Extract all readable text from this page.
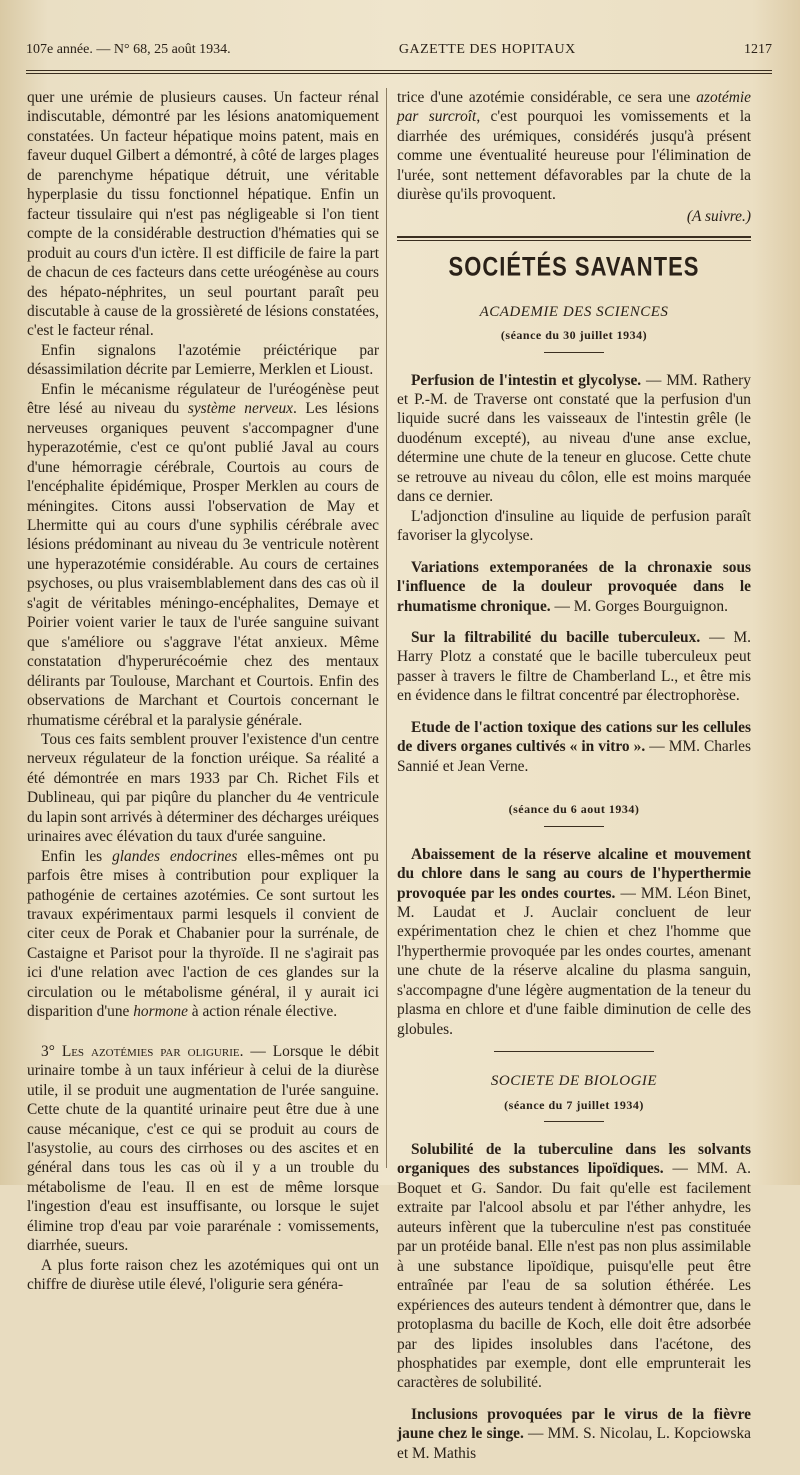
107e année. — N° 68, 25 août 1934.	GAZETTE DES HOPITAUX	1217

quer une urémie de plusieurs causes. Un facteur rénal indiscutable, démontré par les lésions anatomiquement constatées. Un facteur hépatique moins patent, mais en faveur duquel Gilbert a démontré, à côté de larges plages de parenchyme hépatique détruit, une véritable hyperplasie du tissu fonctionnel hépatique. Enfin un facteur tissulaire qui n'est pas négligeable si l'on tient compte de la considérable destruction d'hématies qui se produit au cours d'un ictère. Il est difficile de faire la part de chacun de ces facteurs dans cette uréogénèse au cours des hépato-néphrites, un seul pourtant paraît peu discutable à cause de la grossièreté de lésions constatées, c'est le facteur rénal.

Enfin signalons l'azotémie préictérique par désassimilation décrite par Lemierre, Merklen et Lioust.

Enfin le mécanisme régulateur de l'uréogénèse peut être lésé au niveau du système nerveux. Les lésions nerveuses organiques peuvent s'accompagner d'une hyperazotémie, c'est ce qu'ont publié Javal au cours d'une hémorragie cérébrale, Courtois au cours de l'encéphalite épidémique, Prosper Merklen au cours de méningites. Citons aussi l'observation de May et Lhermitte qui au cours d'une syphilis cérébrale avec lésions prédominant au niveau du 3e ventricule notèrent une hyperazotémie considérable. Au cours de certaines psychoses, ou plus vraisemblablement dans des cas où il s'agit de véritables méningo-encéphalites, Demaye et Poirier voient varier le taux de l'urée sanguine suivant que s'améliore ou s'aggrave l'état anxieux. Même constatation d'hyperurécoémie chez des mentaux délirants par Toulouse, Marchant et Courtois. Enfin des observations de Marchant et Courtois concernant le rhumatisme cérébral et la paralysie générale.

Tous ces faits semblent prouver l'existence d'un centre nerveux régulateur de la fonction uréique. Sa réalité a été démontrée en mars 1933 par Ch. Richet Fils et Dublineau, qui par piqûre du plancher du 4e ventricule du lapin sont arrivés à déterminer des décharges uréiques urinaires avec élévation du taux d'urée sanguine.

Enfin les glandes endocrines elles-mêmes ont pu parfois être mises à contribution pour expliquer la pathogénie de certaines azotémies. Ce sont surtout les travaux expérimentaux parmi lesquels il convient de citer ceux de Porak et Chabanier pour la surrénale, de Castaigne et Parisot pour la thyroïde. Il ne s'agirait pas ici d'une relation avec l'action de ces glandes sur la circulation ou le métabolisme général, il y aurait ici disparition d'une hormone à action rénale élective.

3° Les azotémies par oligurie. — Lorsque le débit urinaire tombe à un taux inférieur à celui de la diurèse utile, il se produit une augmentation de l'urée sanguine. Cette chute de la quantité urinaire peut être due à une cause mécanique, c'est ce qui se produit au cours de l'asystolie, au cours des cirrhoses ou des ascites et en général dans tous les cas où il y a un trouble du métabolisme de l'eau. Il en est de même lorsque l'ingestion d'eau est insuffisante, ou lorsque le sujet élimine trop d'eau par voie pararénale : vomissements, diarrhée, sueurs.

A plus forte raison chez les azotémiques qui ont un chiffre de diurèse utile élevé, l'oligurie sera généra-

trice d'une azotémie considérable, ce sera une azotémie par surcroît, c'est pourquoi les vomissements et la diarrhée des urémiques, considérés jusqu'à présent comme une éventualité heureuse pour l'élimination de l'urée, sont nettement défavorables par la chute de la diurèse qu'ils provoquent.

(A suivre.)
SOCIÉTÉS SAVANTES
ACADEMIE DES SCIENCES
(séance du 30 juillet 1934)

Perfusion de l'intestin et glycolyse. — MM. Rathery et P.-M. de Traverse ont constaté que la perfusion d'un liquide sucré dans les vaisseaux de l'intestin grêle (le duodénum excepté), au niveau d'une anse exclue, détermine une chute de la teneur en glucose. Cette chute se retrouve au niveau du côlon, elle est moins marquée dans ce dernier.

L'adjonction d'insuline au liquide de perfusion paraît favoriser la glycolyse.

Variations extemporanées de la chronaxie sous l'influence de la douleur provoquée dans le rhumatisme chronique. — M. Gorges Bourguignon.

Sur la filtrabilité du bacille tuberculeux. — M. Harry Plotz a constaté que le bacille tuberculeux peut passer à travers le filtre de Chamberland L., et être mis en évidence dans le filtrat concentré par électrophorèse.

Etude de l'action toxique des cations sur les cellules de divers organes cultivés « in vitro ». — MM. Charles Sannié et Jean Verne.

(séance du 6 aout 1934)

Abaissement de la réserve alcaline et mouvement du chlore dans le sang au cours de l'hyperthermie provoquée par les ondes courtes. — MM. Léon Binet, M. Laudat et J. Auclair concluent de leur expérimentation chez le chien et chez l'homme que l'hyperthermie provoquée par les ondes courtes, amenant une chute de la réserve alcaline du plasma sanguin, s'accompagne d'une légère augmentation de la teneur du plasma en chlore et d'une faible diminution de celle des globules.

SOCIETE DE BIOLOGIE
(séance du 7 juillet 1934)

Solubilité de la tuberculine dans les solvants organiques des substances lipoïdiques. — MM. A. Boquet et G. Sandor. Du fait qu'elle est facilement extraite par l'alcool absolu et par l'éther anhydre, les auteurs infèrent que la tuberculine n'est pas constituée par un protéide banal. Elle n'est pas non plus assimilable à une substance lipoïdique, puisqu'elle peut être entraînée par l'eau de sa solution éthérée. Les expériences des auteurs tendent à démontrer que, dans le protoplasma du bacille de Koch, elle doit être adsorbée par des lipides insolubles dans l'acétone, des phosphatides par exemple, dont elle emprunterait les caractères de solubilité.

Inclusions provoquées par le virus de la fièvre jaune chez le singe. — MM. S. Nicolau, L. Kopciowska et M. Mathis
